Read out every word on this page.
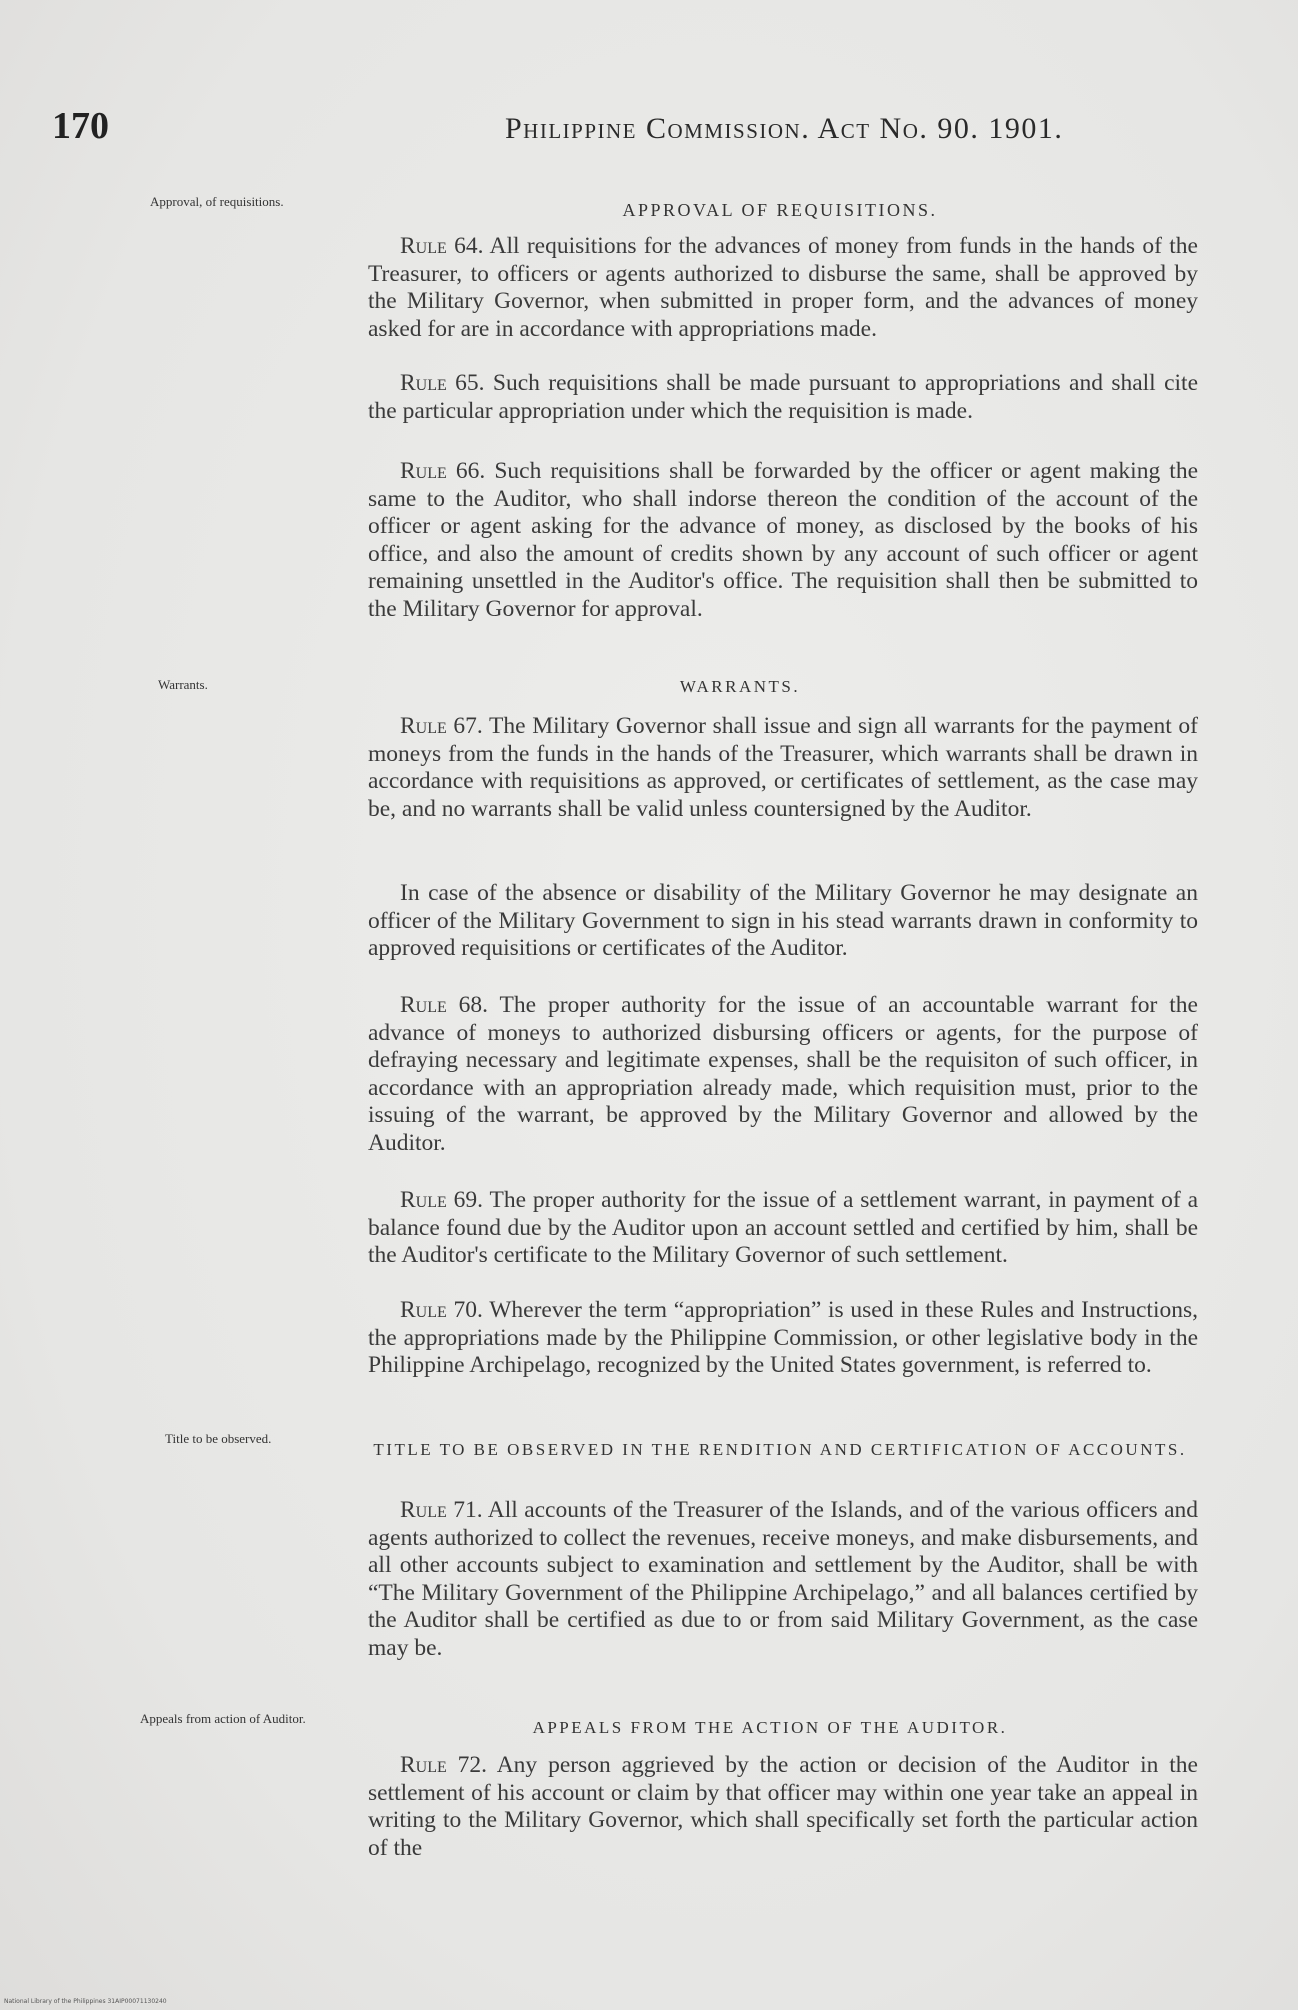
170	Philippine Commission. Act No. 90. 1901.
Approval, of requisitions.
Warrants.
Title to be observed.
Appeals from action of Auditor.
APPROVAL OF REQUISITIONS.
WARRANTS.
TITLE TO BE OBSERVED IN THE RENDITION AND CERTIFICATION OF ACCOUNTS.
APPEALS FROM THE ACTION OF THE AUDITOR.
Rule 64. All requisitions for the advances of money from funds in the hands of the Treasurer, to officers or agents authorized to disburse the same, shall be approved by the Military Governor, when submitted in proper form, and the advances of money asked for are in accordance with appropriations made.
Rule 65. Such requisitions shall be made pursuant to appropriations and shall cite the particular appropriation under which the requisition is made.
Rule 66. Such requisitions shall be forwarded by the officer or agent making the same to the Auditor, who shall indorse thereon the condition of the account of the officer or agent asking for the advance of money, as disclosed by the books of his office, and also the amount of credits shown by any account of such officer or agent remaining unsettled in the Auditor's office. The requisition shall then be submitted to the Military Governor for approval.
Rule 67. The Military Governor shall issue and sign all warrants for the payment of moneys from the funds in the hands of the Treasurer, which warrants shall be drawn in accordance with requisitions as approved, or certificates of settlement, as the case may be, and no warrants shall be valid unless countersigned by the Auditor.
In case of the absence or disability of the Military Governor he may designate an officer of the Military Government to sign in his stead warrants drawn in conformity to approved requisitions or certificates of the Auditor.
Rule 68. The proper authority for the issue of an accountable warrant for the advance of moneys to authorized disbursing officers or agents, for the purpose of defraying necessary and legitimate expenses, shall be the requisiton of such officer, in accordance with an appropriation already made, which requisition must, prior to the issuing of the warrant, be approved by the Military Governor and allowed by the Auditor.
Rule 69. The proper authority for the issue of a settlement warrant, in payment of a balance found due by the Auditor upon an account settled and certified by him, shall be the Auditor's certificate to the Military Governor of such settlement.
Rule 70. Wherever the term “appropriation” is used in these Rules and Instructions, the appropriations made by the Philippine Commission, or other legislative body in the Philippine Archipelago, recognized by the United States government, is referred to.
Rule 71. All accounts of the Treasurer of the Islands, and of the various officers and agents authorized to collect the revenues, receive moneys, and make disbursements, and all other accounts subject to examination and settlement by the Auditor, shall be with “The Military Government of the Philippine Archipelago,” and all balances certified by the Auditor shall be certified as due to or from said Military Government, as the case may be.
Rule 72. Any person aggrieved by the action or decision of the Auditor in the settlement of his account or claim by that officer may within one year take an appeal in writing to the Military Governor, which shall specifically set forth the particular action of the
National Library of the Philippines 31AIP00071130240
